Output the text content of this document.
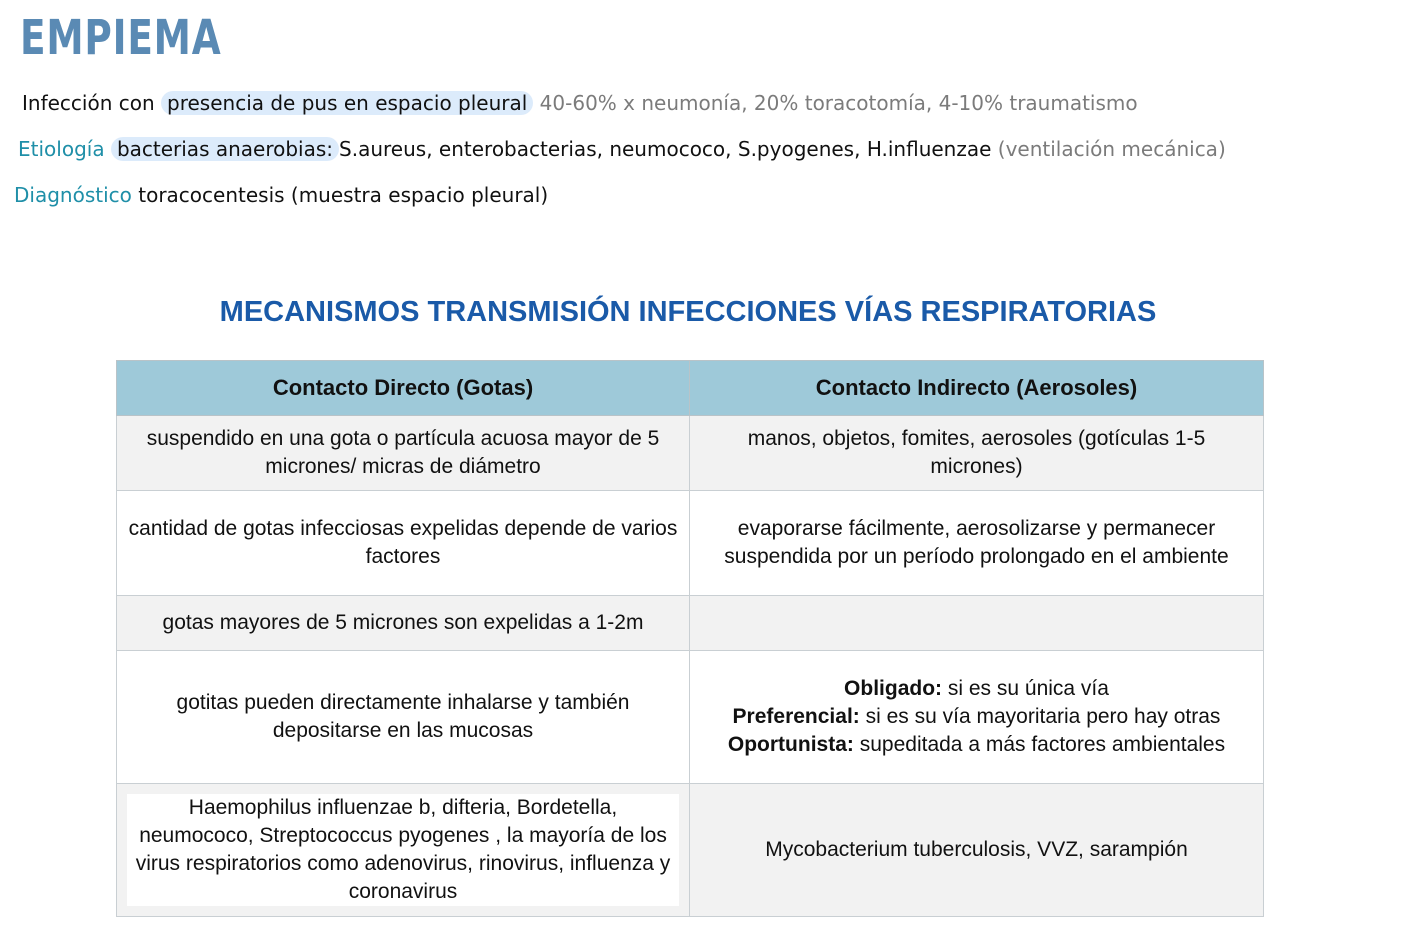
EMPIEMA
Infección con presencia de pus en espacio pleural 40-60% x neumonía, 20% toracotomía, 4-10% traumatismo
Etiología bacterias anaerobias: S.aureus, enterobacterias, neumococo, S.pyogenes, H.influenzae (ventilación mecánica)
Diagnóstico toracocentesis (muestra espacio pleural)
MECANISMOS TRANSMISIÓN INFECCIONES VÍAS RESPIRATORIAS
Contacto Directo (Gotas)	Contacto Indirecto (Aerosoles)
suspendido en una gota o partícula acuosa mayor de 5 micrones/ micras de diámetro	manos, objetos, fomites, aerosoles (gotículas 1-5 micrones)
cantidad de gotas infecciosas expelidas depende de varios factores	evaporarse fácilmente, aerosolizarse y permanecer suspendida por un período prolongado en el ambiente
gotas mayores de 5 micrones son expelidas a 1-2m	
gotitas pueden directamente inhalarse y también depositarse en las mucosas	Obligado: si es su única vía
Preferencial: si es su vía mayoritaria pero hay otras
Oportunista: supeditada a más factores ambientales

Haemophilus influenzae b, difteria, Bordetella, neumococo, Streptococcus pyogenes , la mayoría de los virus respiratorios como adenovirus, rinovirus, influenza y coronavirus	Mycobacterium tuberculosis, VVZ, sarampión
